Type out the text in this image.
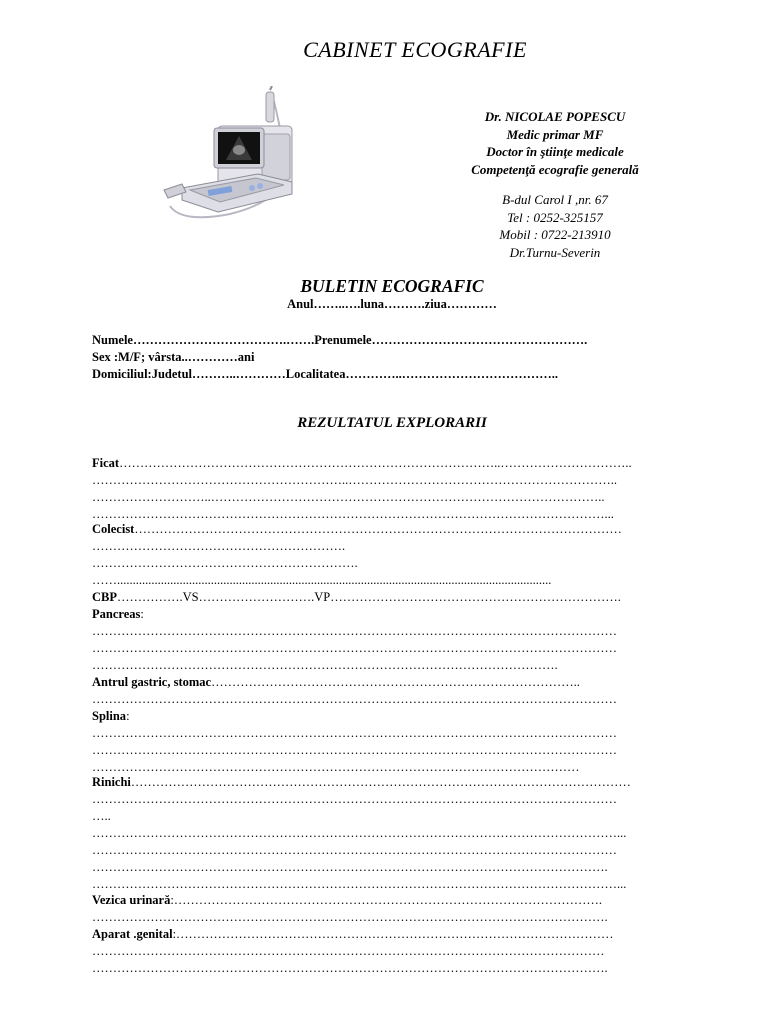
CABINET ECOGRAFIE
Dr. NICOLAE POPESCU
Medic primar MF
Doctor în ştiinţe medicale
Competenţă ecografie generală
B-dul Carol I ,nr. 67
Tel : 0252-325157
Mobil : 0722-213910
Dr.Turnu-Severin
BULETIN ECOGRAFIC
Anul……..….luna……….ziua…………
Numele……………………………….…….Prenumele…………………………………………….
Sex :M/F; vârsta..…………ani
Domiciliul:Judetul………..…………Localitatea…………..………………………………..
REZULTATUL EXPLORARII
Ficat………………………………………………………………………………..…………………………..
……………………………………………………..………………………………………………………..
………………………..…………………………………………………………………………………..
……………………………………………………………………………………………………………...
Colecist………………………………………………………………………………………………………
…………………………………………………….
……………………………………………………….
……...........................................................................................................................................
CBP…………….VS……………………….VP…………………………………………………………….
Pancreas:
………………………………………………………………………………………………………………
………………………………………………………………………………………………………………
………………………………………………………………………………………………….
Antrul gastric, stomac……………………………………………………………………………..
………………………………………………………………………………………………………………
Splina:
………………………………………………………………………………………………………………
………………………………………………………………………………………………………………
………………………………………………………………………………………………………
Rinichi…………………………………………………………………………………………………………
………………………………………………………………………………………………………………
…..
………………………………………………………………………………………………………………...
………………………………………………………………………………………………………………
…………………………………………………………………………………………………………….
………………………………………………………………………………………………………………...
Vezica urinară:………………………………………………………………………………………….
…………………………………………………………………………………………………………….
Aparat .genital:……………………………………………………………………………………………
……………………………………………………………………………………………………………
…………………………………………………………………………………………………………….
